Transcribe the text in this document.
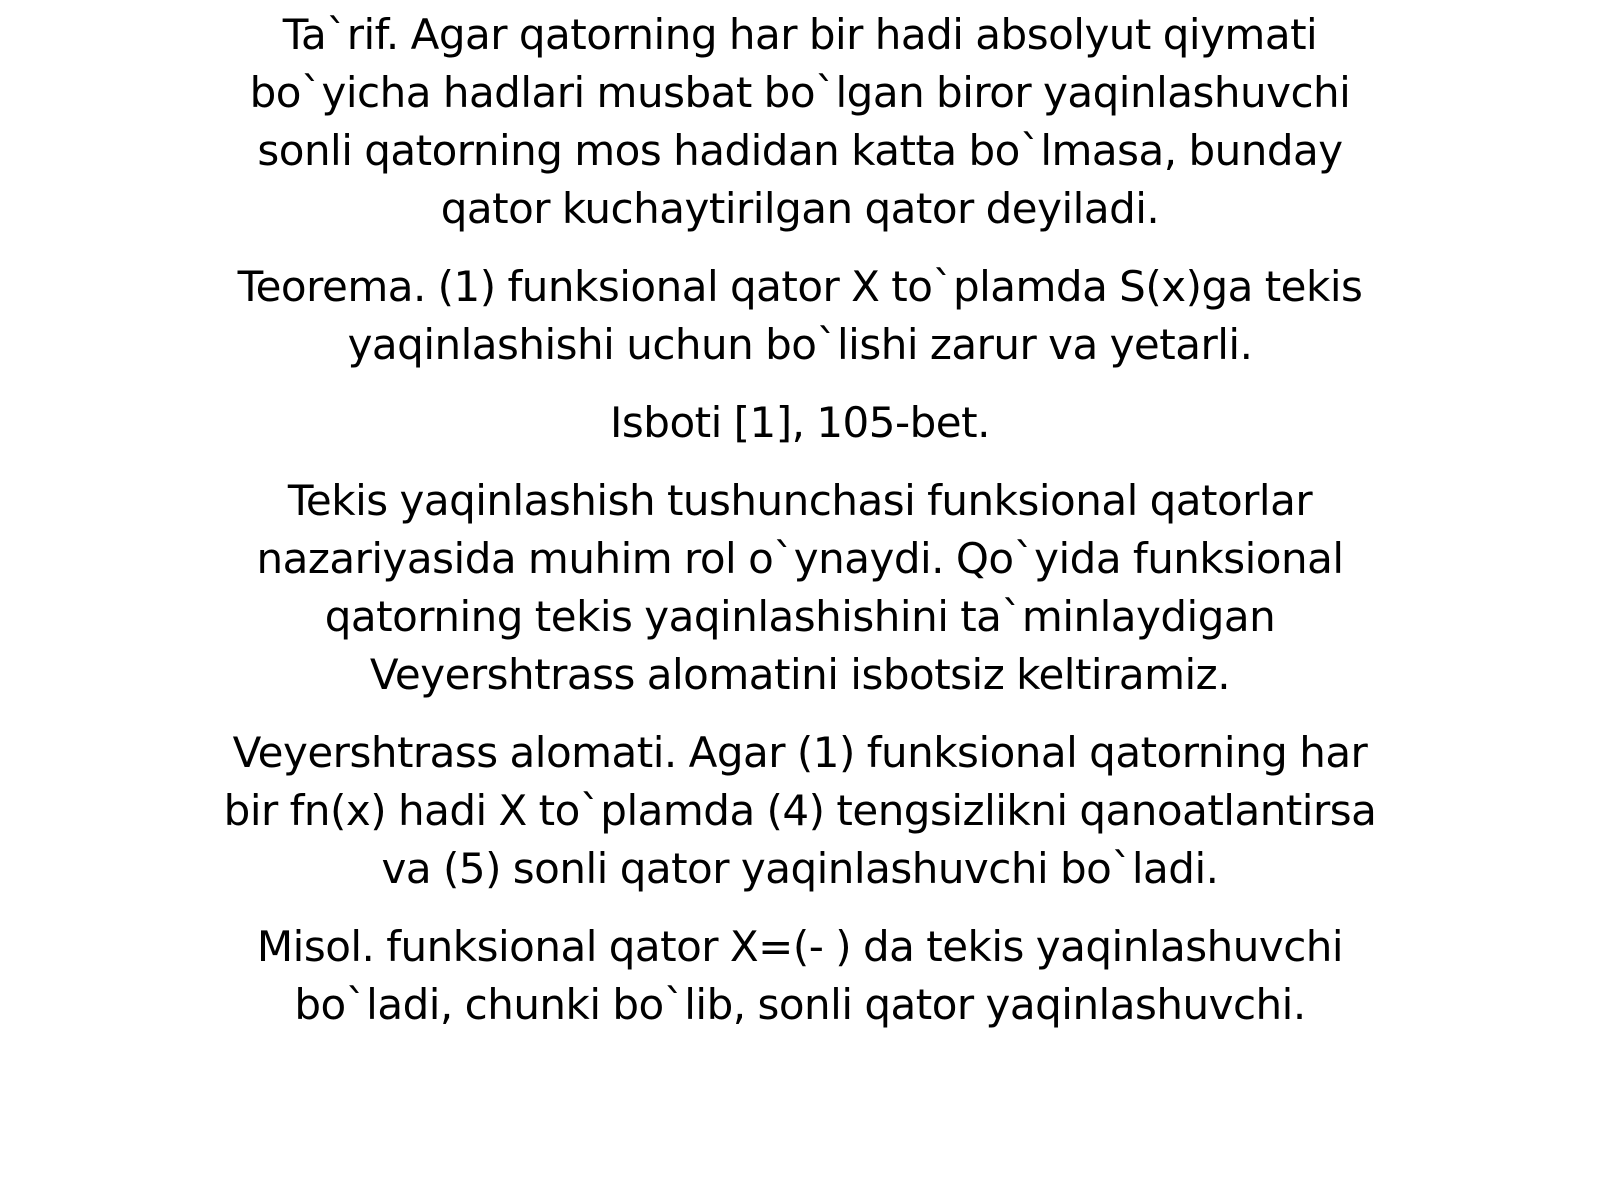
Ta`rif. Agar qatorning har bir hadi absolyut qiymati bo`yicha hadlari musbat bo`lgan biror yaqinlashuvchi sonli qatorning mos hadidan katta bo`lmasa, bunday qator kuchaytirilgan qator deyiladi.

Teorema. (1) funksional qator X to`plamda S(x)ga tekis yaqinlashishi uchun bo`lishi zarur va yetarli.

Isboti [1], 105-bet.

Tekis yaqinlashish tushunchasi funksional qatorlar nazariyasida muhim rol o`ynaydi. Qo`yida funksional qatorning tekis yaqinlashishini ta`minlaydigan Veyershtrass alomatini isbotsiz keltiramiz.

Veyershtrass alomati. Agar (1) funksional qatorning har bir fn(x) hadi X to`plamda (4) tengsizlikni qanoatlantirsa va (5) sonli qator yaqinlashuvchi bo`ladi.

Misol. funksional qator X=(- ) da tekis yaqinlashuvchi bo`ladi, chunki bo`lib, sonli qator yaqinlashuvchi.
